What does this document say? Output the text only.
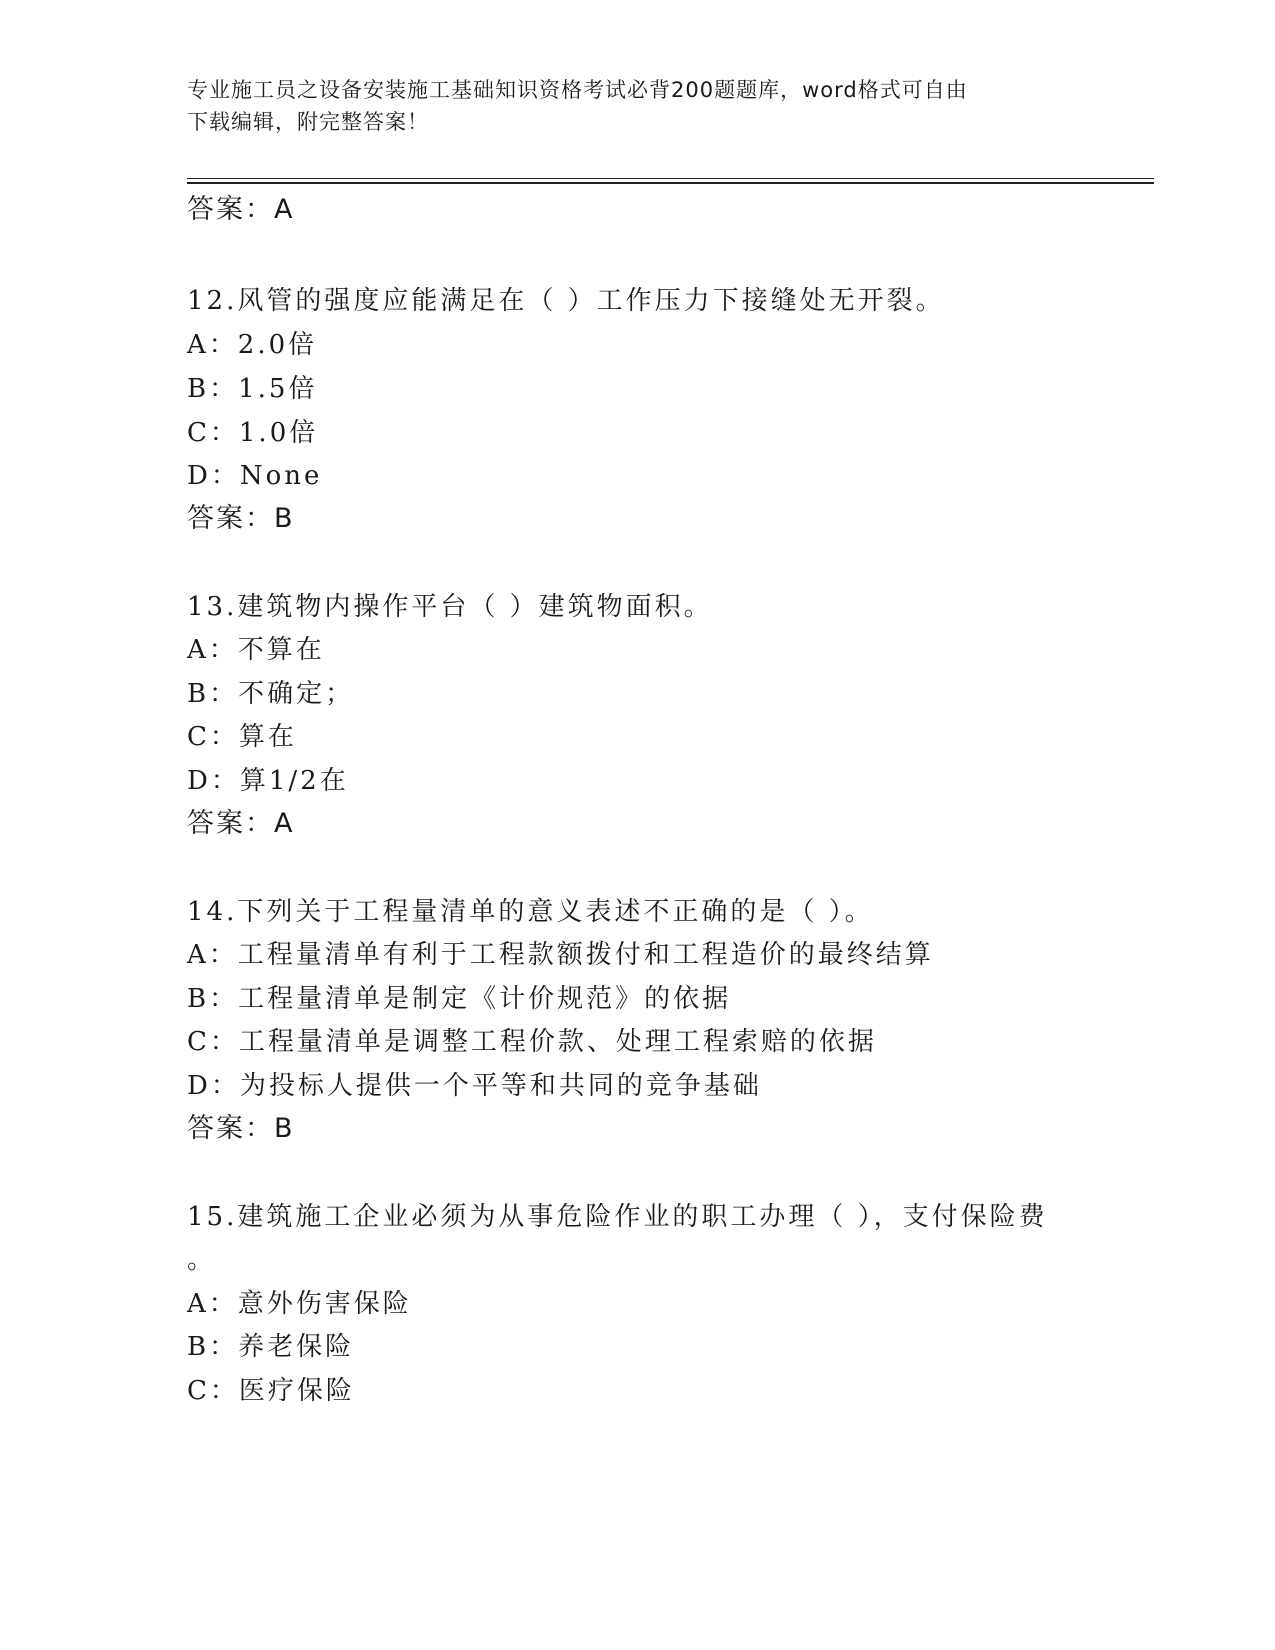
专业施工员之设备安装施工基础知识资格考试必背200题题库，word格式可自由
下载编辑，附完整答案！
答案：A
12.风管的强度应能满足在（ ）工作压力下接缝处无开裂。
A：2.0倍
B：1.5倍
C：1.0倍
D：None
答案：B
13.建筑物内操作平台（ ）建筑物面积。
A：不算在
B：不确定；
C：算在
D：算1/2在
答案：A
14.下列关于工程量清单的意义表述不正确的是（ ）。
A：工程量清单有利于工程款额拨付和工程造价的最终结算
B：工程量清单是制定《计价规范》的依据
C：工程量清单是调整工程价款、处理工程索赔的依据
D：为投标人提供一个平等和共同的竞争基础
答案：B
15.建筑施工企业必须为从事危险作业的职工办理（ ），支付保险费
。
A：意外伤害保险
B：养老保险
C：医疗保险
